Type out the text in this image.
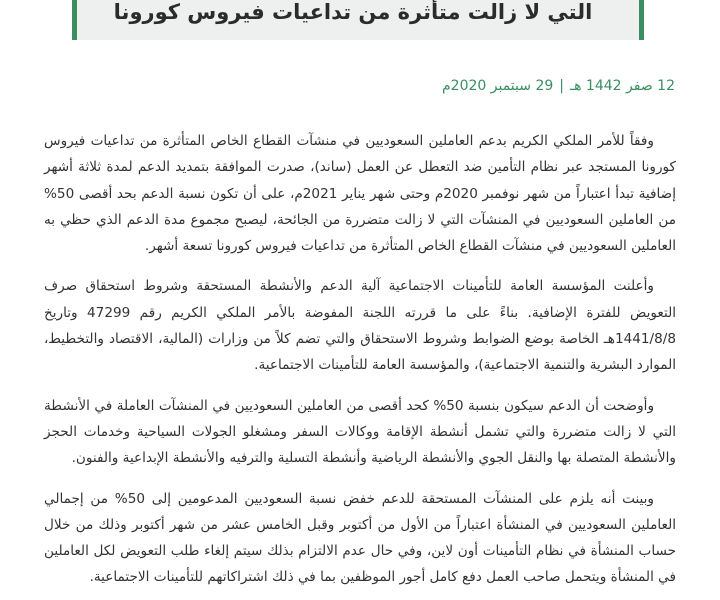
التي لا زالت متأثرة من تداعيات فيروس كورونا
12 صفر 1442 هـ|29 سبتمبر 2020م

وفقاً للأمر الملكي الكريم بدعم العاملين السعوديين في منشآت القطاع الخاص المتأثرة من تداعيات فيروس كورونا المستجد عبر نظام التأمين ضد التعطل عن العمل (ساند)، صدرت الموافقة بتمديد الدعم لمدة ثلاثة أشهر إضافية تبدأ اعتباراً من شهر نوفمبر 2020م وحتى شهر يناير 2021م، على أن تكون نسبة الدعم بحد أقصى 50% من العاملين السعوديين في المنشآت التي لا زالت متضررة من الجائحة، ليصبح مجموع مدة الدعم الذي حظي به العاملين السعوديين في منشآت القطاع الخاص المتأثرة من تداعيات فيروس كورونا تسعة أشهر.

وأعلنت المؤسسة العامة للتأمينات الاجتماعية آلية الدعم والأنشطة المستحقة وشروط استحقاق صرف التعويض للفترة الإضافية. بناءً على ما قررته اللجنة المفوضة بالأمر الملكي الكريم رقم 47299 وتاريخ 1441/8/8هـ الخاصة بوضع الضوابط وشروط الاستحقاق والتي تضم كلاً من وزارات (المالية، الاقتصاد والتخطيط، الموارد البشرية والتنمية الاجتماعية)، والمؤسسة العامة للتأمينات الاجتماعية.

وأوضحت أن الدعم سيكون بنسبة 50% كحد أقصى من العاملين السعوديين في المنشآت العاملة في الأنشطة التي لا زالت متضررة والتي تشمل أنشطة الإقامة ووكالات السفر ومشغلو الجولات السياحية وخدمات الحجز والأنشطة المتصلة بها والنقل الجوي والأنشطة الرياضية وأنشطة التسلية والترفيه والأنشطة الإبداعية والفنون.

وبينت أنه يلزم على المنشآت المستحقة للدعم خفض نسبة السعوديين المدعومين إلى 50% من إجمالي العاملين السعوديين في المنشأة اعتباراً من الأول من أكتوبر وقبل الخامس عشر من شهر أكتوبر وذلك من خلال حساب المنشأة في نظام التأمينات أون لاين، وفي حال عدم الالتزام بذلك سيتم إلغاء طلب التعويض لكل العاملين في المنشأة ويتحمل صاحب العمل دفع كامل أجور الموظفين بما في ذلك اشتراكاتهم للتأمينات الاجتماعية.
